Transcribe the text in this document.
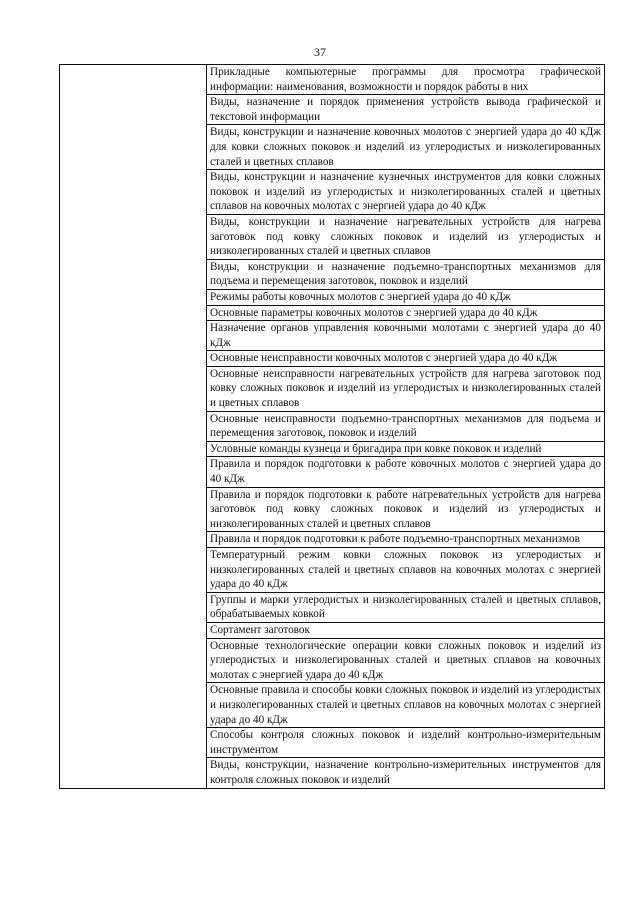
37
	Прикладные компьютерные программы для просмотра графической информации: наименования, возможности и порядок работы в них
Виды, назначение и порядок применения устройств вывода графической и текстовой информации
Виды, конструкции и назначение ковочных молотов с энергией удара до 40 кДж для ковки сложных поковок и изделий из углеродистых и низколегированных сталей и цветных сплавов
Виды, конструкции и назначение кузнечных инструментов для ковки сложных поковок и изделий из углеродистых и низколегированных сталей и цветных сплавов на ковочных молотах с энергией удара до 40 кДж
Виды, конструкции и назначение нагревательных устройств для нагрева заготовок под ковку сложных поковок и изделий из углеродистых и низколегированных сталей и цветных сплавов
Виды, конструкции и назначение подъемно-транспортных механизмов для подъема и перемещения заготовок, поковок и изделий
Режимы работы ковочных молотов с энергией удара до 40 кДж
Основные параметры ковочных молотов с энергией удара до 40 кДж
Назначение органов управления ковочными молотами с энергией удара до 40 кДж
Основные неисправности ковочных молотов с энергией удара до 40 кДж
Основные неисправности нагревательных устройств для нагрева заготовок под ковку сложных поковок и изделий из углеродистых и низколегированных сталей и цветных сплавов
Основные неисправности подъемно-транспортных механизмов для подъема и перемещения заготовок, поковок и изделий
Условные команды кузнеца и бригадира при ковке поковок и изделий
Правила и порядок подготовки к работе ковочных молотов с энергией удара до 40 кДж
Правила и порядок подготовки к работе нагревательных устройств для нагрева заготовок под ковку сложных поковок и изделий из углеродистых и низколегированных сталей и цветных сплавов
Правила и порядок подготовки к работе подъемно-транспортных механизмов
Температурный режим ковки сложных поковок из углеродистых и низколегированных сталей и цветных сплавов на ковочных молотах с энергией удара до 40 кДж
Группы и марки углеродистых и низколегированных сталей и цветных сплавов, обрабатываемых ковкой
Сортамент заготовок
Основные технологические операции ковки сложных поковок и изделий из углеродистых и низколегированных сталей и цветных сплавов на ковочных молотах с энергией удара до 40 кДж
Основные правила и способы ковки сложных поковок и изделий из углеродистых и низколегированных сталей и цветных сплавов на ковочных молотах с энергией удара до 40 кДж
Способы контроля сложных поковок и изделий контрольно-измерительным инструментом
Виды, конструкции, назначение контрольно-измерительных инструментов для контроля сложных поковок и изделий
